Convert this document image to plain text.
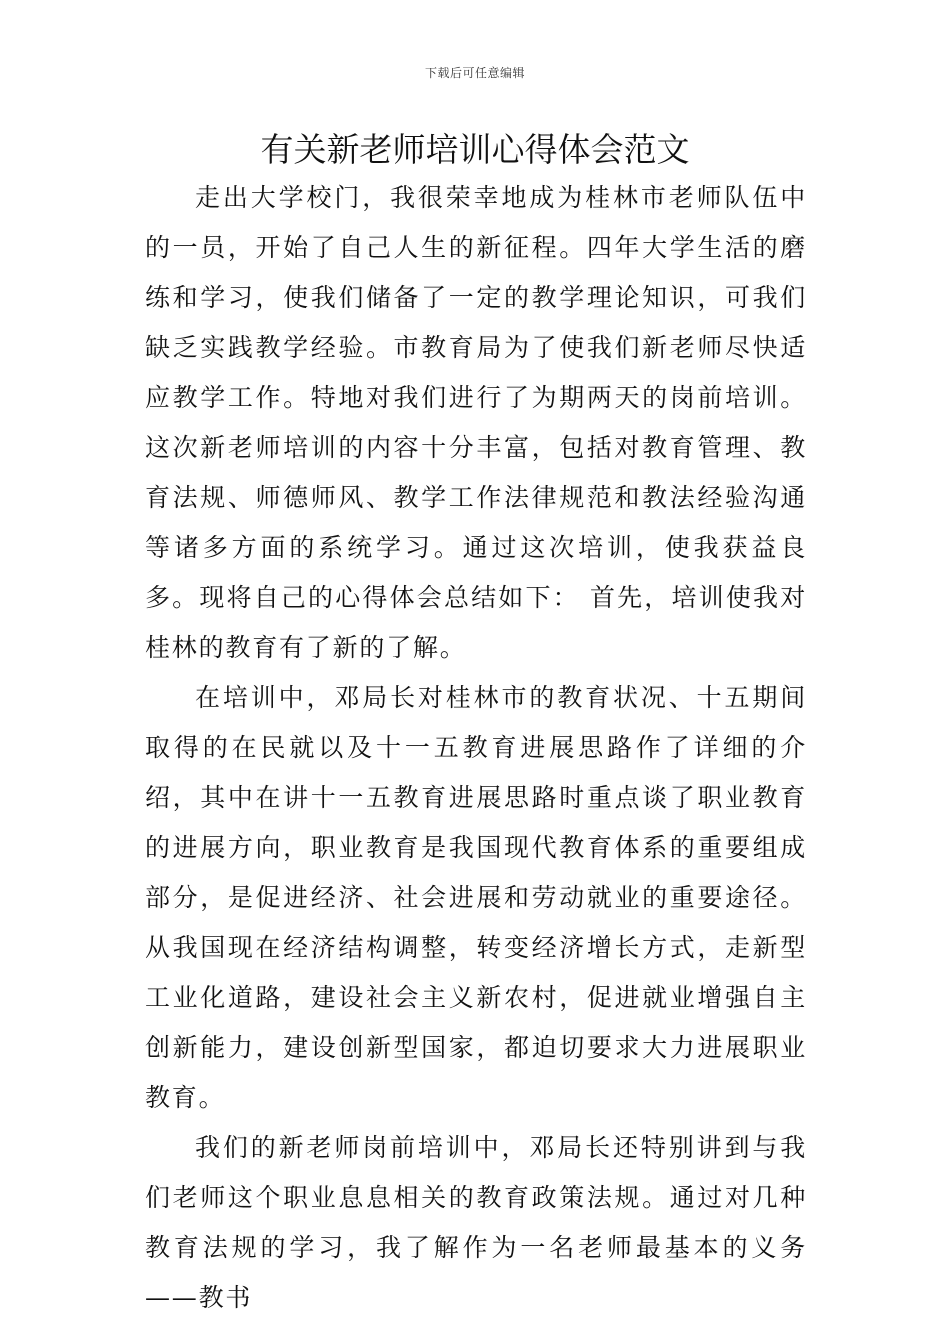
下载后可任意编辑
有关新老师培训心得体会范文

走出大学校门，我很荣幸地成为桂林市老师队伍中的一员，开始了自己人生的新征程。四年大学生活的磨练和学习，使我们储备了一定的教学理论知识，可我们缺乏实践教学经验。市教育局为了使我们新老师尽快适应教学工作。特地对我们进行了为期两天的岗前培训。这次新老师培训的内容十分丰富，包括对教育管理、教育法规、师德师风、教学工作法律规范和教法经验沟通等诸多方面的系统学习。通过这次培训，使我获益良多。现将自己的心得体会总结如下： 首先，培训使我对桂林的教育有了新的了解。

在培训中，邓局长对桂林市的教育状况、十五期间取得的在民就以及十一五教育进展思路作了详细的介绍，其中在讲十一五教育进展思路时重点谈了职业教育的进展方向，职业教育是我国现代教育体系的重要组成部分，是促进经济、社会进展和劳动就业的重要途径。从我国现在经济结构调整，转变经济增长方式，走新型工业化道路，建设社会主义新农村，促进就业增强自主创新能力，建设创新型国家，都迫切要求大力进展职业教育。

我们的新老师岗前培训中，邓局长还特别讲到与我们老师这个职业息息相关的教育政策法规。通过对几种教育法规的学习，我了解作为一名老师最基本的义务——教书
